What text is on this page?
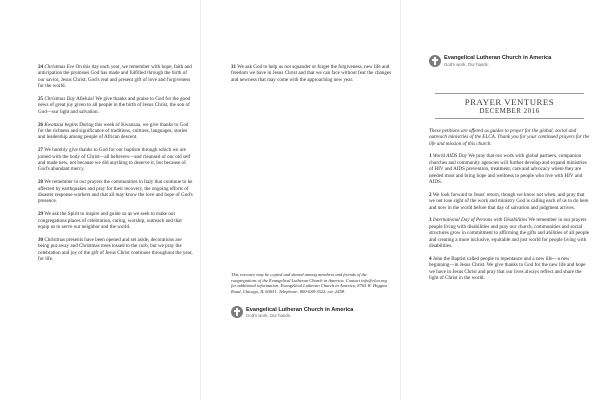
24 Christmas Eve On this day each year, we remember with hope, faith and anticipation the promises God has made and fulfilled through the birth of our savior, Jesus Christ, God's real and present gift of love and forgiveness for the world.

25 Christmas Day Alleluia! We give thanks and praise to God for the good news of great joy given to all people in the birth of Jesus Christ, the son of God—our light and salvation.

26 Kwanzaa begins During this week of Kwanzaa, we give thanks to God for the richness and significance of traditions, cultures, languages, stories and leadership among people of African descent.

27 We humbly give thanks to God for our baptism through which we are joined with the body of Christ—all believers—and cleansed of our old self and made new, not because we did anything to deserve it, but because of God's abundant mercy.

28 We remember in our prayers the communities in Italy that continue to be affected by earthquakes and pray for their recovery, the ongoing efforts of disaster response workers and that all may know the love and hope of God's presence.

29 We ask the Spirit to inspire and guide us as we seek to make our congregations places of celebration, caring, worship, outreach and that equip us to serve our neighbor and the world.

30 Christmas presents have been opened and set aside, decorations are being put away and Christmas trees tossed to the curb, but we pray the celebration and joy of the gift of Jesus Christ continues throughout the year, for life.

31 We ask God to help us not squander or forget the forgiveness, new life and freedom we have in Jesus Christ and that we can face without fear the changes and newness that may come with the approaching new year.

This resource may be copied and shared among members and friends of the congregations of the Evangelical Lutheran Church in America. Contact info@elca.org for additional information. Evangelical Lutheran Church in America, 8765 W. Higgins Road, Chicago, IL 60631. Telephone: 800-638-3522, ext. 2458.

Evangelical Lutheran Church in America
God's work. Our hands.
Evangelical Lutheran Church in America
God's work. Our hands.
PRAYER VENTURES
DECEMBER 2016

These petitions are offered as guides to prayer for the global, social and outreach ministries of the ELCA. Thank you for your continued prayers for the life and mission of this church.

1 World AIDS Day We pray that our work with global partners, companion churches and community agencies will further develop and expand ministries of HIV and AIDS prevention, treatment, care and advocacy where they are needed most and bring hope and wellness to people who live with HIV and AIDS.

2 We look forward to Jesus' return, though we know not when, and pray that we not lose sight of the work and ministry God is calling each of us to do here and now in the world before that day of salvation and judgment arrives.

3 International Day of Persons with Disabilities We remember in our prayers people living with disabilities and pray our church, communities and social structures grow in commitment to affirming the gifts and abilities of all people and creating a more inclusive, equitable and just world for people living with disabilities.

4 John the Baptist called people to repentance and a new life—a new beginning—in Jesus Christ. We give thanks to God for the new life and hope we have in Jesus Christ and pray that our lives always reflect and share the light of Christ in the world.
